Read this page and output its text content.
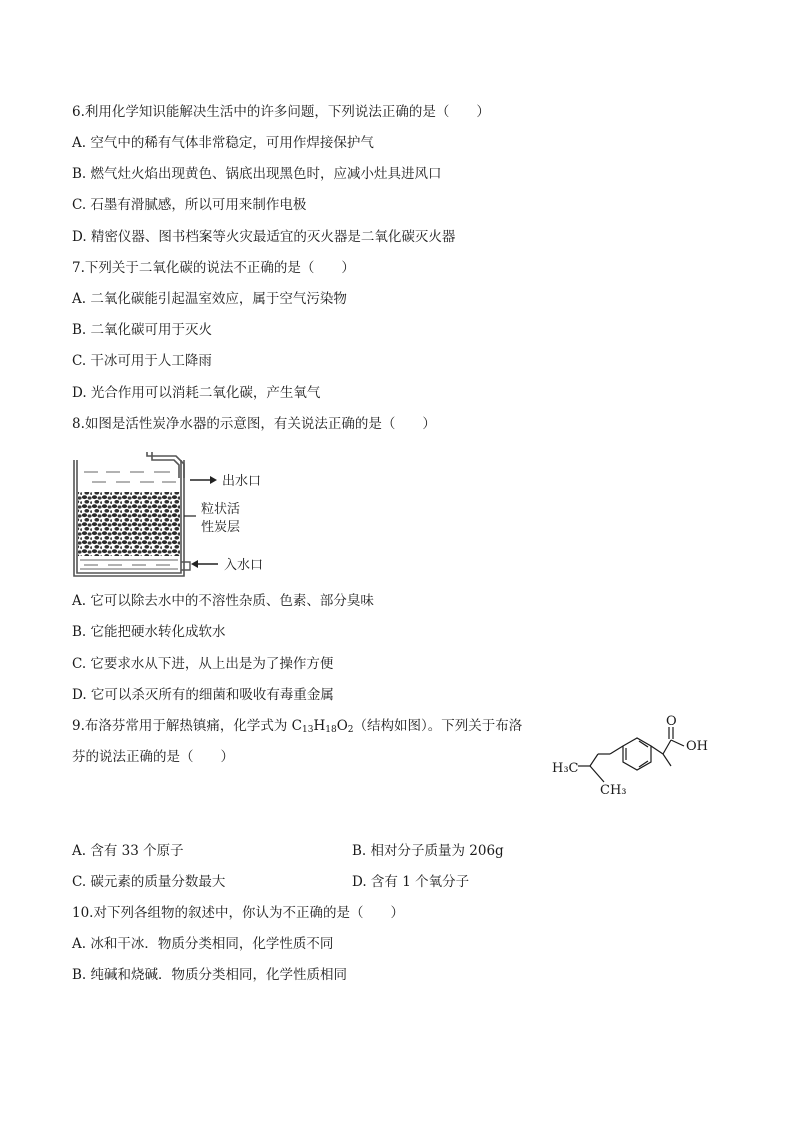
6.利用化学知识能解决生活中的许多问题，下列说法正确的是（　　）
A. 空气中的稀有气体非常稳定，可用作焊接保护气
B. 燃气灶火焰出现黄色、锅底出现黑色时，应减小灶具进风口
C. 石墨有滑腻感，所以可用来制作电极
D. 精密仪器、图书档案等火灾最适宜的灭火器是二氧化碳灭火器
7.下列关于二氧化碳的说法不正确的是（　　）
A. 二氧化碳能引起温室效应，属于空气污染物
B. 二氧化碳可用于灭火
C. 干冰可用于人工降雨
D. 光合作用可以消耗二氧化碳，产生氧气
8.如图是活性炭净水器的示意图，有关说法正确的是（　　）
出水口
粒状活
性炭层
入水口
A. 它可以除去水中的不溶性杂质、色素、部分臭味
B. 它能把硬水转化成软水
C. 它要求水从下进，从上出是为了操作方便
D. 它可以杀灭所有的细菌和吸收有毒重金属
9.布洛芬常用于解热镇痛，化学式为 $C_{13}H_{18}O_2$（结构如图）。下列关于布洛
芬的说法正确的是（　　）
O
OH
H₃C
CH₃
A. 含有 33 个原子	B. 相对分子质量为 206g
C. 碳元素的质量分数最大	D. 含有 1 个氧分子
10.对下列各组物的叙述中，你认为不正确的是（　　）
A. 冰和干冰．物质分类相同，化学性质不同
B. 纯碱和烧碱．物质分类相同，化学性质相同
